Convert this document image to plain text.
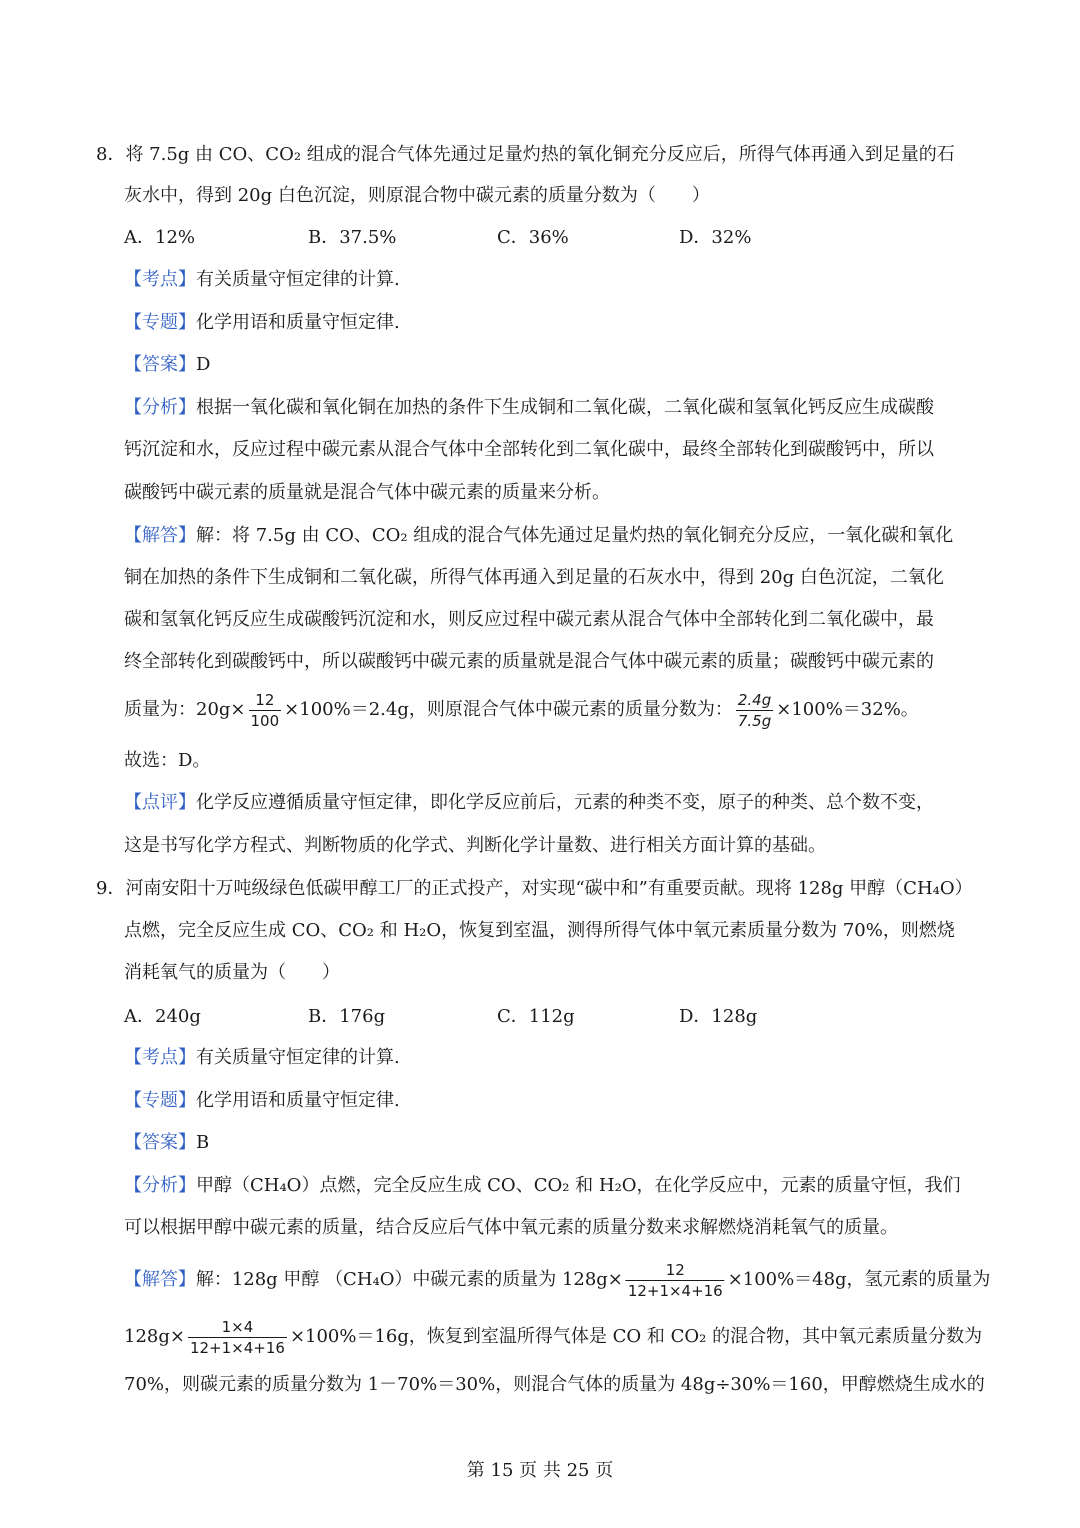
8．将 7.5g 由 CO、CO₂ 组成的混合气体先通过足量灼热的氧化铜充分反应后，所得气体再通入到足量的石
灰水中，得到 20g 白色沉淀，则原混合物中碳元素的质量分数为（　　）
A．12%	B．37.5%	C．36%	D．32%
【考点】有关质量守恒定律的计算.
【专题】化学用语和质量守恒定律.
【答案】D
【分析】根据一氧化碳和氧化铜在加热的条件下生成铜和二氧化碳，二氧化碳和氢氧化钙反应生成碳酸
钙沉淀和水，反应过程中碳元素从混合气体中全部转化到二氧化碳中，最终全部转化到碳酸钙中，所以
碳酸钙中碳元素的质量就是混合气体中碳元素的质量来分析。
【解答】解：将 7.5g 由 CO、CO₂ 组成的混合气体先通过足量灼热的氧化铜充分反应，一氧化碳和氧化
铜在加热的条件下生成铜和二氧化碳，所得气体再通入到足量的石灰水中，得到 20g 白色沉淀，二氧化
碳和氢氧化钙反应生成碳酸钙沉淀和水，则反应过程中碳元素从混合气体中全部转化到二氧化碳中，最
终全部转化到碳酸钙中，所以碳酸钙中碳元素的质量就是混合气体中碳元素的质量；碳酸钙中碳元素的
质量为：$20g\times \frac{12}{100} \times 100\%=2.4g$，则原混合气体中碳元素的质量分数为： $\frac{2.4g}{7.5g} \times 100\%=32\%$。
故选：D。
【点评】化学反应遵循质量守恒定律，即化学反应前后，元素的种类不变，原子的种类、总个数不变，
这是书写化学方程式、判断物质的化学式、判断化学计量数、进行相关方面计算的基础。
9．河南安阳十万吨级绿色低碳甲醇工厂的正式投产，对实现“碳中和”有重要贡献。现将 128g 甲醇（CH₄O）
点燃，完全反应生成 CO、CO₂ 和 H₂O，恢复到室温，测得所得气体中氧元素质量分数为 70%，则燃烧
消耗氧气的质量为（　　）
A．240g	B．176g	C．112g	D．128g
【考点】有关质量守恒定律的计算.
【专题】化学用语和质量守恒定律.
【答案】B
【分析】甲醇（CH₄O）点燃，完全反应生成 CO、CO₂ 和 H₂O，在化学反应中，元素的质量守恒，我们
可以根据甲醇中碳元素的质量，结合反应后气体中氧元素的质量分数来求解燃烧消耗氧气的质量。
【解答】解：128g 甲醇 （CH₄O）中碳元素的质量为 $128g\times \frac{12}{12+1\times 4+16} \times 100\%=48g$，氢元素的质量为
$128g\times \frac{1\times 4}{12+1\times 4+16} \times 100\%=16g$，恢复到室温所得气体是 CO 和 CO₂ 的混合物，其中氧元素质量分数为
70%，则碳元素的质量分数为 1－70%＝30%，则混合气体的质量为 48g÷30%＝160，甲醇燃烧生成水的
第 15 页 共 25 页
